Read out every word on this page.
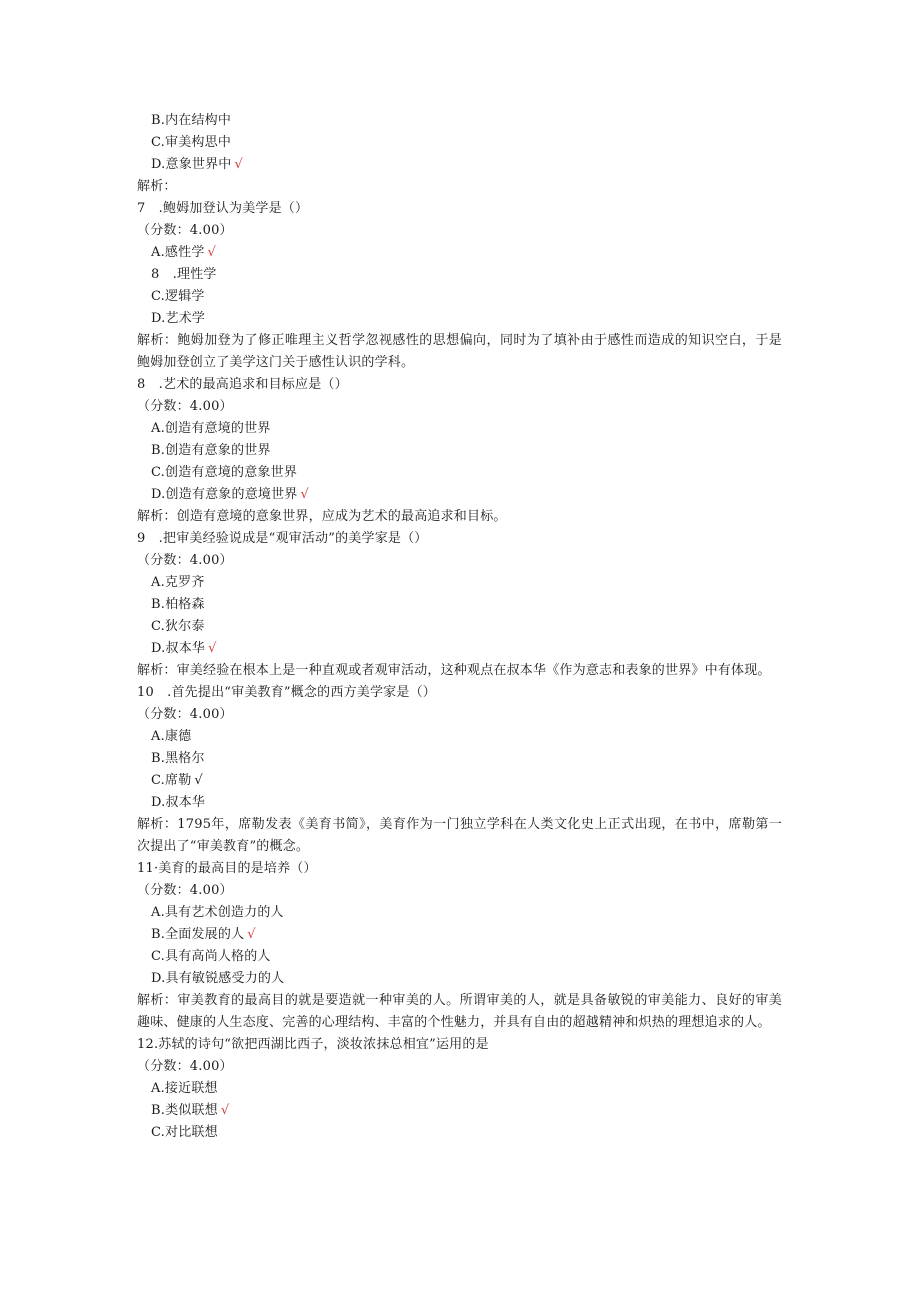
B.内在结构中
C.审美构思中
D.意象世界中 √
解析：
7　.鲍姆加登认为美学是（）
（分数：4.00）
A.感性学 √
8　.理性学
C.逻辑学
D.艺术学
解析：鲍姆加登为了修正唯理主义哲学忽视感性的思想偏向，同时为了填补由于感性而造成的知识空白，于是鲍姆加登创立了美学这门关于感性认识的学科。
8　.艺术的最高追求和目标应是（）
（分数：4.00）
A.创造有意境的世界
B.创造有意象的世界
C.创造有意境的意象世界
D.创造有意象的意境世界 √
解析：创造有意境的意象世界，应成为艺术的最高追求和目标。
9　.把审美经验说成是“观审活动”的美学家是（）
（分数：4.00）
A.克罗齐
B.柏格森
C.狄尔泰
D.叔本华 √
解析：审美经验在根本上是一种直观或者观审活动，这种观点在叔本华《作为意志和表象的世界》中有体现。
10　.首先提出“审美教育”概念的西方美学家是（）
（分数：4.00）
A.康德
B.黑格尔
C.席勒 √
D.叔本华
解析：1795年，席勒发表《美育书简》，美育作为一门独立学科在人类文化史上正式出现，在书中，席勒第一次提出了“审美教育”的概念。
11·美育的最高目的是培养（）
（分数：4.00）
A.具有艺术创造力的人
B.全面发展的人 √
C.具有高尚人格的人
D.具有敏锐感受力的人
解析：审美教育的最高目的就是要造就一种审美的人。所谓审美的人，就是具备敏锐的审美能力、良好的审美趣味、健康的人生态度、完善的心理结构、丰富的个性魅力，并具有自由的超越精神和炽热的理想追求的人。
12.苏轼的诗句“欲把西湖比西子，淡妆浓抹总相宜”运用的是
（分数：4.00）
A.接近联想
B.类似联想 √
C.对比联想
